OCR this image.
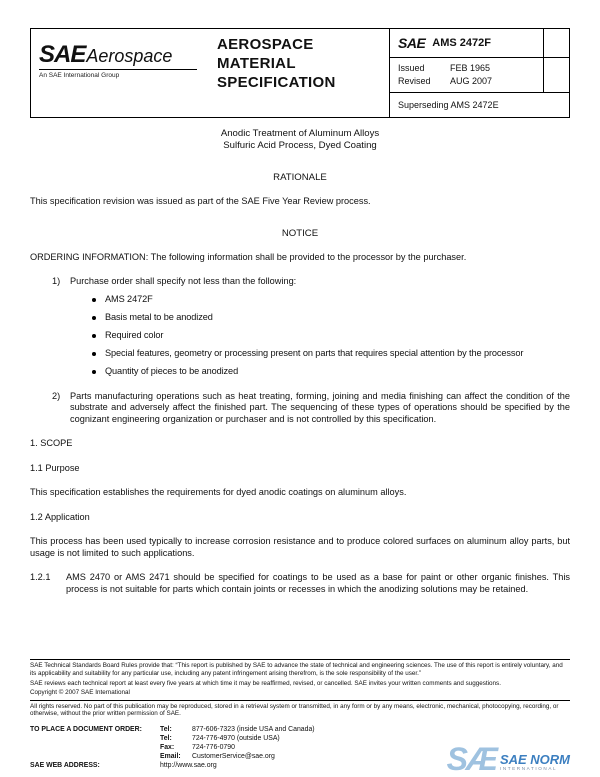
SAE Aerospace
An SAE International Group
AEROSPACE
MATERIAL
SPECIFICATION
SAE AMS 2472F
Issued	FEB 1965
Revised	AUG 2007
Superseding AMS 2472E
Anodic Treatment of Aluminum Alloys
Sulfuric Acid Process, Dyed Coating
RATIONALE

This specification revision was issued as part of the SAE Five Year Review process.

NOTICE

ORDERING INFORMATION: The following information shall be provided to the processor by the purchaser.

1)	Purchase order shall specify not less than the following:
AMS 2472F
Basis metal to be anodized
Required color
Special features, geometry or processing present on parts that requires special attention by the processor
Quantity of pieces to be anodized
2)	Parts manufacturing operations such as heat treating, forming, joining and media finishing can affect the condition of the substrate and adversely affect the finished part. The sequencing of these types of operations should be specified by the cognizant engineering organization or purchaser and is not controlled by this specification.

1. SCOPE

1.1 Purpose

This specification establishes the requirements for dyed anodic coatings on aluminum alloys.

1.2 Application

This process has been used typically to increase corrosion resistance and to produce colored surfaces on aluminum alloy parts, but usage is not limited to such applications.

1.2.1	AMS 2470 or AMS 2471 should be specified for coatings to be used as a base for paint or other organic finishes. This process is not suitable for parts which contain joints or recesses in which the anodizing solutions may be retained.

SAE Technical Standards Board Rules provide that: “This report is published by SAE to advance the state of technical and engineering sciences. The use of this report is entirely voluntary, and its applicability and suitability for any particular use, including any patent infringement arising therefrom, is the sole responsibility of the user.”

SAE reviews each technical report at least every five years at which time it may be reaffirmed, revised, or cancelled. SAE invites your written comments and suggestions.

Copyright © 2007 SAE International

All rights reserved. No part of this publication may be reproduced, stored in a retrieval system or transmitted, in any form or by any means, electronic, mechanical, photocopying, recording, or otherwise, without the prior written permission of SAE.

TO PLACE A DOCUMENT ORDER:	Tel:	877-606-7323 (inside USA and Canada)
Tel:	724-776-4970 (outside USA)
Fax:	724-776-0790
Email:	CustomerService@sae.org
SAE WEB ADDRESS:	http://www.sae.org	SÆ SAE NORM
INTERNATIONAL
